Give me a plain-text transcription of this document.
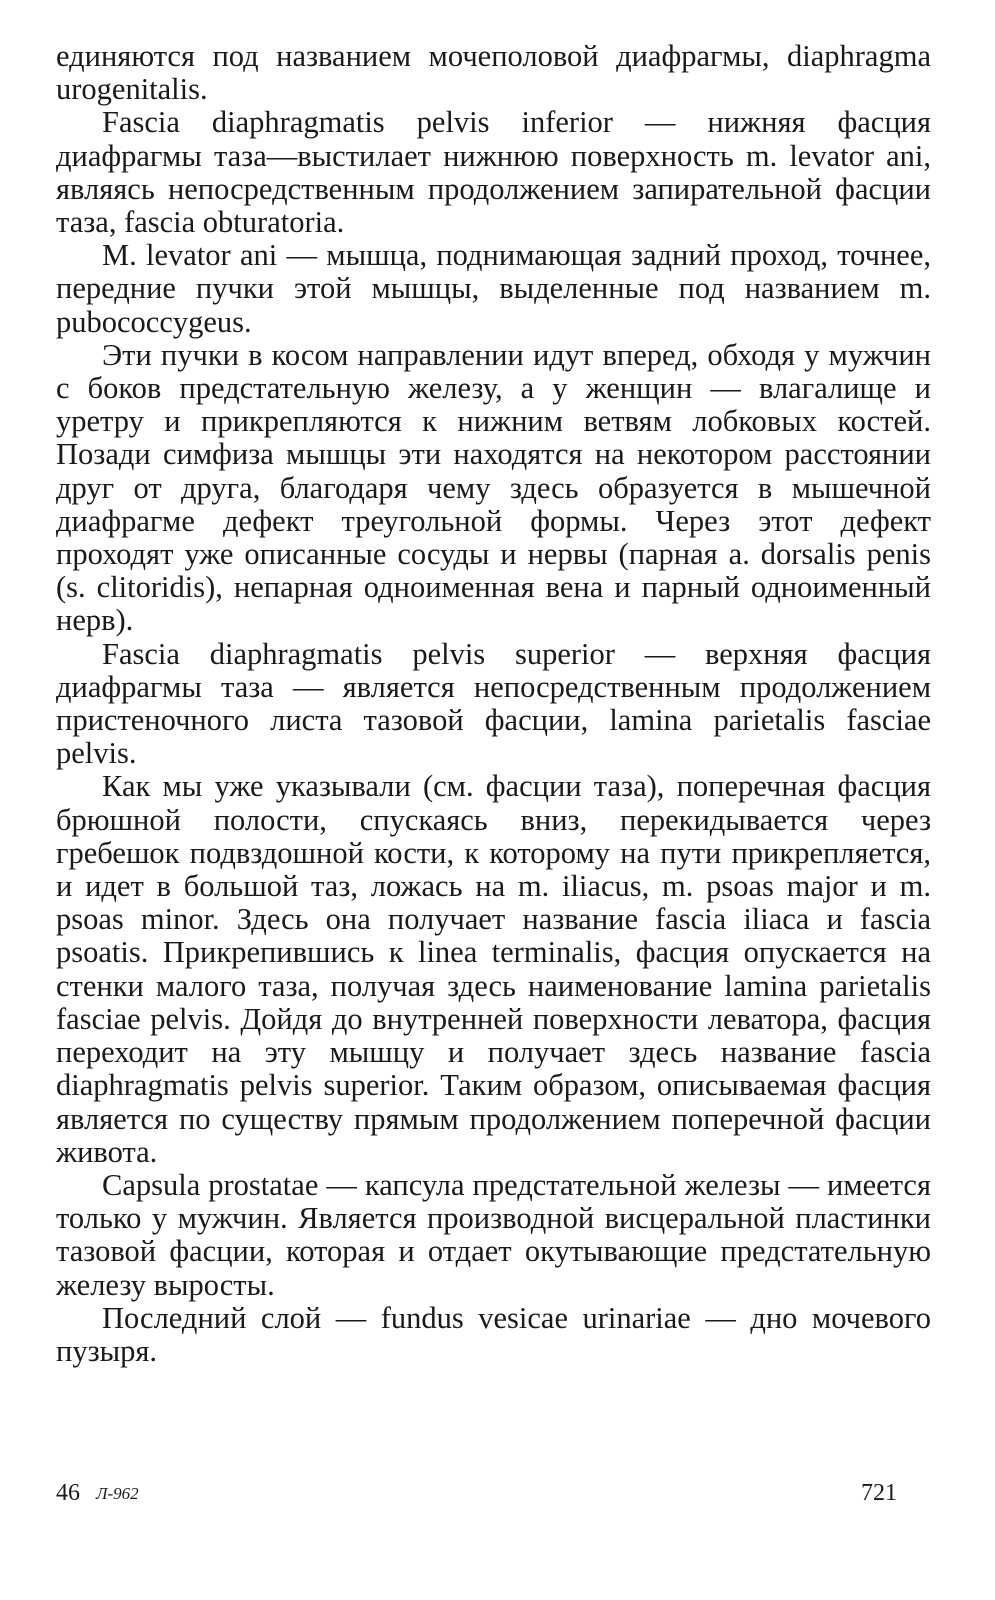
единяются под названием мочеполовой диафрагмы, diaphragma urogenitalis.

Fascia diaphragmatis pelvis inferior — нижняя фасция диафрагмы таза—выстилает нижнюю поверхность m. levator ani, являясь непосредственным продолжением запирательной фасции таза, fascia obturatoria.

M. levator ani — мышца, поднимающая задний проход, точнее, передние пучки этой мышцы, выделенные под названием m. pubococcygeus.

Эти пучки в косом направлении идут вперед, обходя у мужчин с боков предстательную железу, а у женщин — влагалище и уретру и прикрепляются к нижним ветвям лобковых костей. Позади симфиза мышцы эти находятся на некотором расстоянии друг от друга, благодаря чему здесь образуется в мышечной диафрагме дефект треугольной формы. Через этот дефект проходят уже описанные сосуды и нервы (парная a. dorsalis penis (s. clitoridis), непарная одноименная вена и парный одноименный нерв).

Fascia diaphragmatis pelvis superior — верхняя фасция диафрагмы таза — является непосредственным продолжением пристеночного листа тазовой фасции, lamina parietalis fasciae pelvis.

Как мы уже указывали (см. фасции таза), поперечная фасция брюшной полости, спускаясь вниз, перекидывается через гребешок подвздошной кости, к которому на пути прикрепляется, и идет в большой таз, ложась на m. iliacus, m. psoas major и m. psoas minor. Здесь она получает название fascia iliaca и fascia psoatis. Прикрепившись к linea terminalis, фасция опускается на стенки малого таза, получая здесь наименование lamina parietalis fasciae pelvis. Дойдя до внутренней поверхности леватора, фасция переходит на эту мышцу и получает здесь название fascia diaphragmatis pelvis superior. Таким образом, описываемая фасция является по существу прямым продолжением поперечной фасции живота.

Capsula prostatae — капсула предстательной железы — имеется только у мужчин. Является производной висцеральной пластинки тазовой фасции, которая и отдает окутывающие предстательную железу выросты.

Последний слой — fundus vesicae urinariae — дно мочевого пузыря.

46 Л-962	721
